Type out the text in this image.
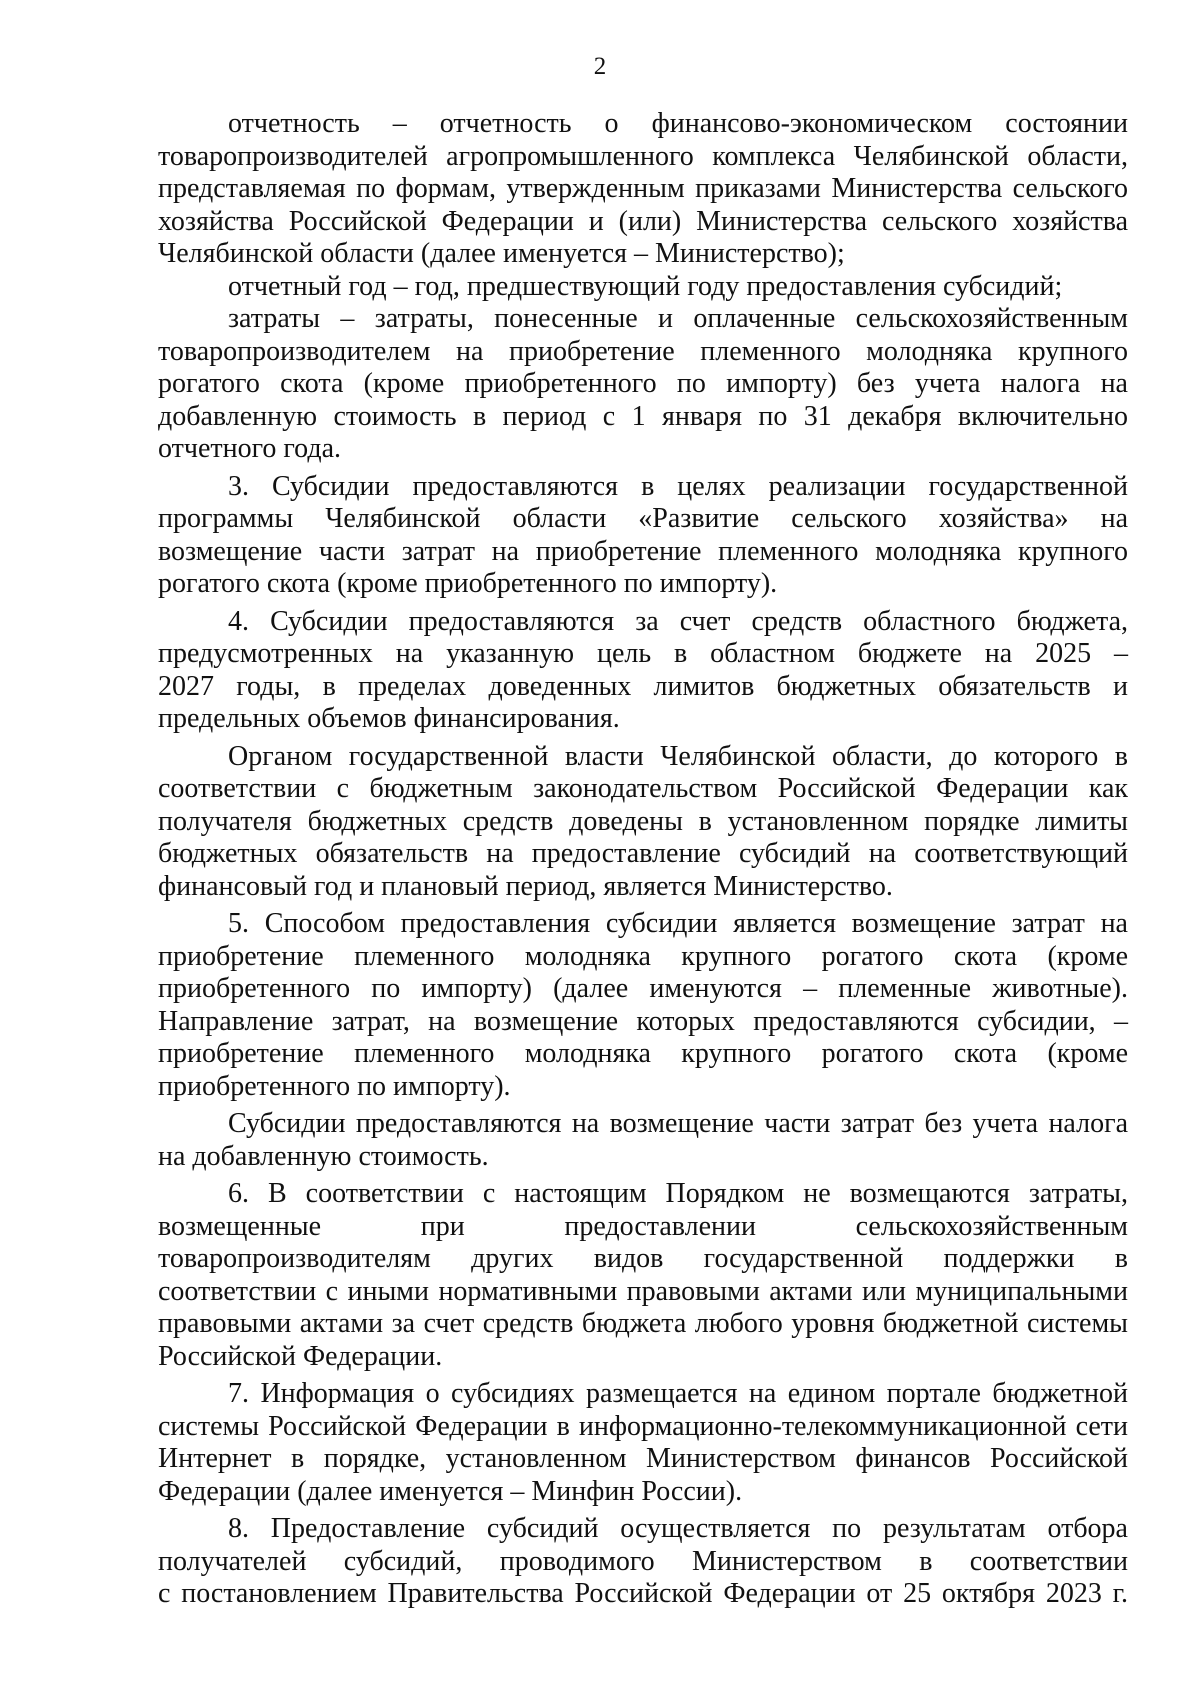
2
отчетность – отчетность о финансово-экономическом состоянии
товаропроизводителей агропромышленного комплекса Челябинской области,
представляемая по формам, утвержденным приказами Министерства сельского
хозяйства Российской Федерации и (или) Министерства сельского хозяйства
Челябинской области (далее именуется – Министерство);
отчетный год – год, предшествующий году предоставления субсидий;
затраты – затраты, понесенные и оплаченные сельскохозяйственным
товаропроизводителем на приобретение племенного молодняка крупного
рогатого скота (кроме приобретенного по импорту) без учета налога на
добавленную стоимость в период с 1 января по 31 декабря включительно
отчетного года.
3. Субсидии предоставляются в целях реализации государственной
программы Челябинской области «Развитие сельского хозяйства» на
возмещение части затрат на приобретение племенного молодняка крупного
рогатого скота (кроме приобретенного по импорту).
4. Субсидии предоставляются за счет средств областного бюджета,
предусмотренных на указанную цель в областном бюджете на 2025 –
2027 годы, в пределах доведенных лимитов бюджетных обязательств и
предельных объемов финансирования.
Органом государственной власти Челябинской области, до которого в
соответствии с бюджетным законодательством Российской Федерации как
получателя бюджетных средств доведены в установленном порядке лимиты
бюджетных обязательств на предоставление субсидий на соответствующий
финансовый год и плановый период, является Министерство.
5. Способом предоставления субсидии является возмещение затрат на
приобретение племенного молодняка крупного рогатого скота (кроме
приобретенного по импорту) (далее именуются – племенные животные).
Направление затрат, на возмещение которых предоставляются субсидии, –
приобретение племенного молодняка крупного рогатого скота (кроме
приобретенного по импорту).
Субсидии предоставляются на возмещение части затрат без учета налога
на добавленную стоимость.
6. В соответствии с настоящим Порядком не возмещаются затраты,
возмещенные при предоставлении сельскохозяйственным
товаропроизводителям других видов государственной поддержки в
соответствии с иными нормативными правовыми актами или муниципальными
правовыми актами за счет средств бюджета любого уровня бюджетной системы
Российской Федерации.
7. Информация о субсидиях размещается на едином портале бюджетной
системы Российской Федерации в информационно-телекоммуникационной сети
Интернет в порядке, установленном Министерством финансов Российской
Федерации (далее именуется – Минфин России).
8. Предоставление субсидий осуществляется по результатам отбора
получателей субсидий, проводимого Министерством в соответствии
с постановлением Правительства Российской Федерации от 25 октября 2023 г.
